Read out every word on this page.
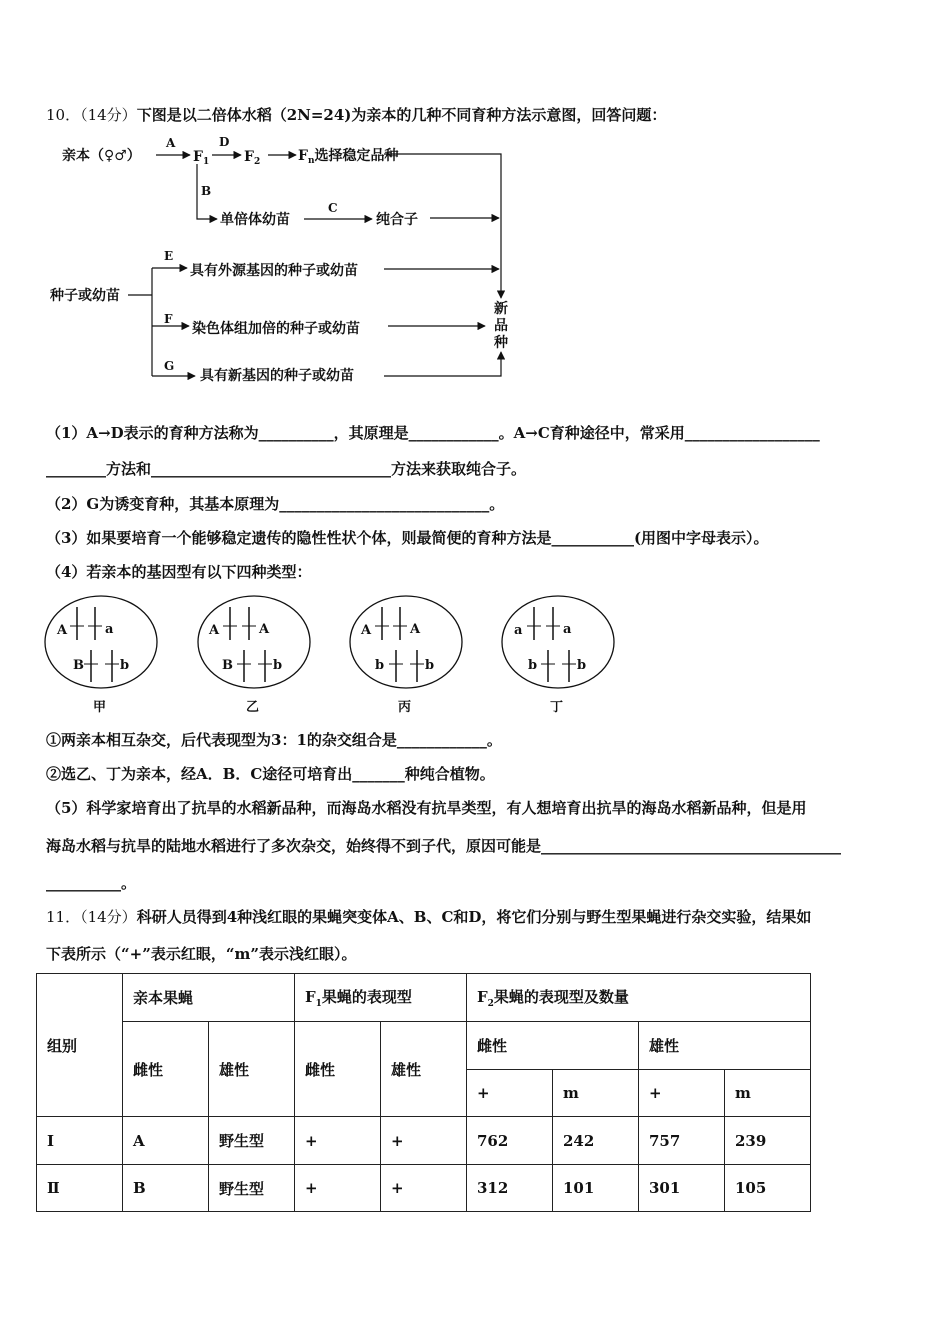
10．（14分）下图是以二倍体水稻（2N=24)为亲本的几种不同育种方法示意图，回答问题：
亲本（♀♂）
A
$F_1$
D
$F_2$	$F_n$选择稳定品种
B
单倍体幼苗
C
纯合子
种子或幼苗
E
具有外源基因的种子或幼苗
F
染色体组加倍的种子或幼苗
G
具有新基因的种子或幼苗
新
品
种
（1）A→D表示的育种方法称为__________，其原理是____________。A→C育种途径中，常采用__________________
________方法和________________________________方法来获取纯合子。
（2）G为诱变育种，其基本原理为____________________________。
（3）如果要培育一个能够稳定遗传的隐性性状个体，则最简便的育种方法是___________(用图中字母表示）。
（4）若亲本的基因型有以下四种类型：
A	a
B	b
甲
A	A
B	b
乙
A	A
b	b
丙
a	a
b	b
丁
①两亲本相互杂交，后代表现型为3：1的杂交组合是____________。
②选乙、丁为亲本，经A．B．C途径可培育出_______种纯合植物。
（5）科学家培育出了抗旱的水稻新品种，而海岛水稻没有抗旱类型，有人想培育出抗旱的海岛水稻新品种，但是用
海岛水稻与抗旱的陆地水稻进行了多次杂交，始终得不到子代，原因可能是________________________________________
__________。
11．（14分）科研人员得到4种浅红眼的果蝇突变体A、B、C和D，将它们分别与野生型果蝇进行杂交实验，结果如
下表所示（“+”表示红眼，“m”表示浅红眼）。
组别	亲本果蝇		$F_1$果蝇的表现型		$F_2$果蝇的表现型及数量			
	雌性	雄性	雌性	雄性	雌性		雄性	
					+	m	+	m
Ⅰ	A	野生型	+	+	762	242	757	239
Ⅱ	B	野生型	+	+	312	101	301	105
